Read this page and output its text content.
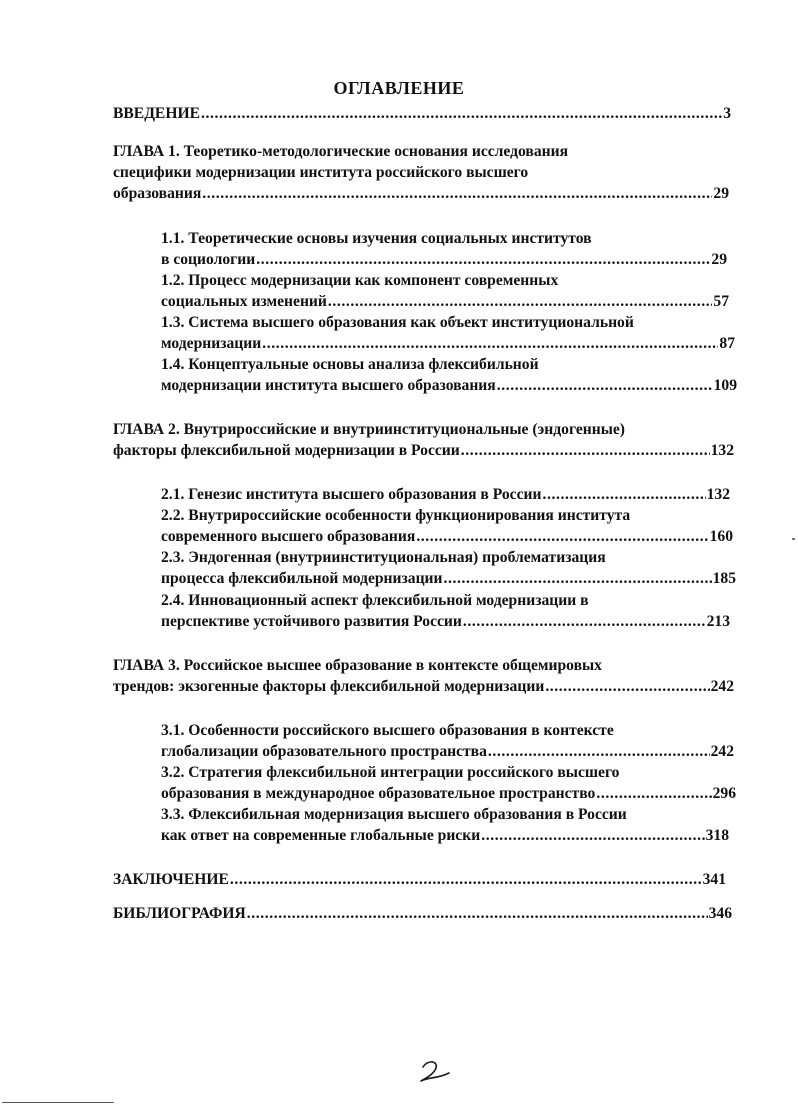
ОГЛАВЛЕНИЕ
ВВЕДЕНИЕ .....	3
ГЛАВА 1. Теоретико-методологические основания исследования
специфики модернизации института российского высшего
образования .....	29
1.1. Теоретические основы изучения социальных институтов
в социологии .....	29
1.2. Процесс модернизации как компонент современных
социальных изменений .....	57
1.3. Система высшего образования как объект институциональной
модернизации .....	87
1.4. Концептуальные основы анализа флексибильной
модернизации института высшего образования .....	109
ГЛАВА 2. Внутрироссийские и внутриинституциональные (эндогенные)
факторы флексибильной модернизации в России .....	132
2.1. Генезис института высшего образования в России .....	132
2.2. Внутрироссийские особенности функционирования института
современного высшего образования .....	160
2.3. Эндогенная (внутриинституциональная) проблематизация
процесса флексибильной модернизации .....	185
2.4. Инновационный аспект флексибильной модернизации в
перспективе устойчивого развития России .....	213
ГЛАВА 3. Российское высшее образование в контексте общемировых
трендов: экзогенные факторы флексибильной модернизации .....	242
3.1. Особенности российского высшего образования в контексте
глобализации образовательного пространства .....	242
3.2. Стратегия флексибильной интеграции российского высшего
образования в международное образовательное пространство .....	296
3.3. Флексибильная модернизация высшего образования в России
как ответ на современные глобальные риски .....	318
ЗАКЛЮЧЕНИЕ .....	341
БИБЛИОГРАФИЯ .....	346
